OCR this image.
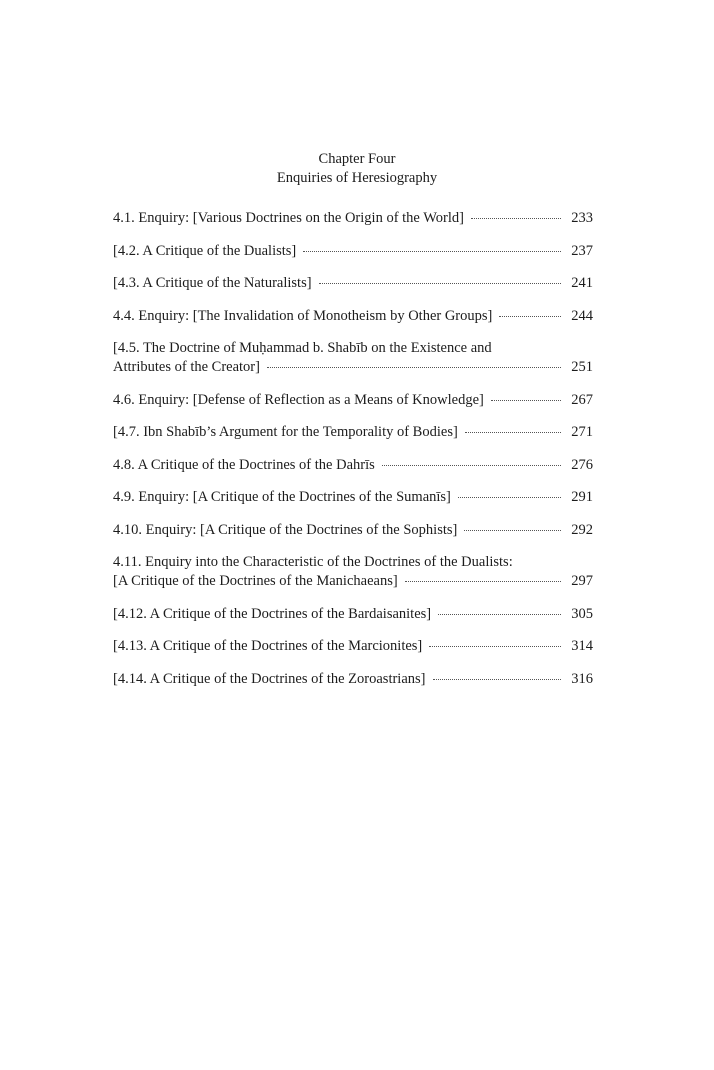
Chapter Four

Enquiries of Heresiography

4.1. Enquiry: [Various Doctrines on the Origin of the World]	233
[4.2. A Critique of the Dualists]	237
[4.3. A Critique of the Naturalists]	241
4.4. Enquiry: [The Invalidation of Monotheism by Other Groups]	244
[4.5. The Doctrine of Muḥammad b. Shabīb on the Existence and
Attributes of the Creator]	251
4.6. Enquiry: [Defense of Reflection as a Means of Knowledge]	267
[4.7. Ibn Shabīb’s Argument for the Temporality of Bodies]	271
4.8. A Critique of the Doctrines of the Dahrīs	276
4.9. Enquiry: [A Critique of the Doctrines of the Sumanīs]	291
4.10. Enquiry: [A Critique of the Doctrines of the Sophists]	292
4.11. Enquiry into the Characteristic of the Doctrines of the Dualists:
[A Critique of the Doctrines of the Manichaeans]	297
[4.12. A Critique of the Doctrines of the Bardaisanites]	305
[4.13. A Critique of the Doctrines of the Marcionites]	314
[4.14. A Critique of the Doctrines of the Zoroastrians]	316
